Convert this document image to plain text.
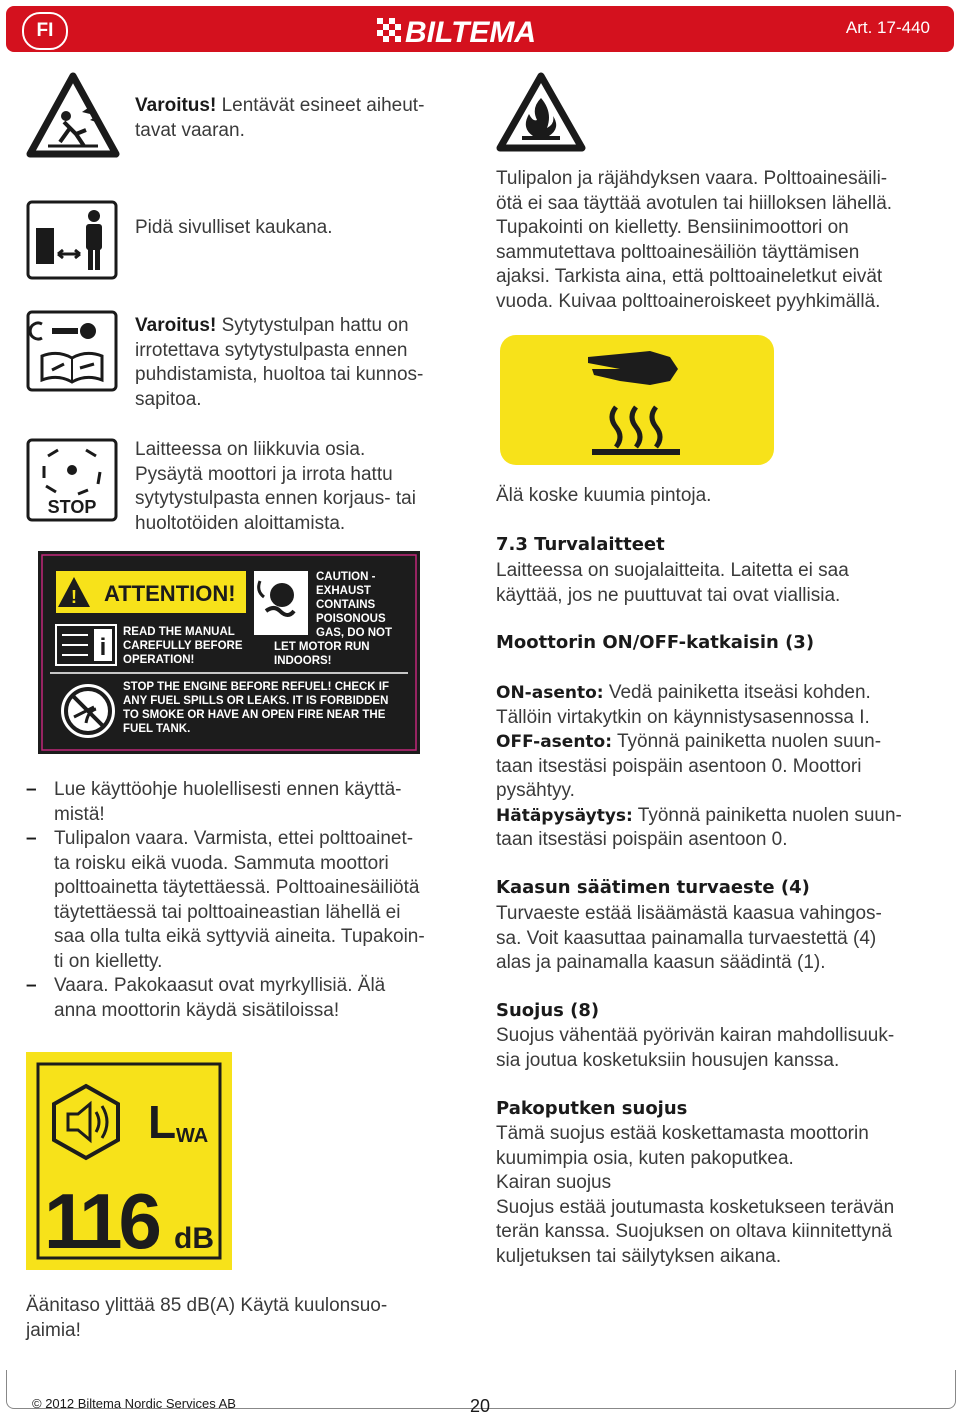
FI	BILTEMA	Art. 17-440
Varoitus! Lentävät esineet aiheut-
tavat vaaran.
Pidä sivulliset kaukana.
Varoitus! Sytytystulpan hattu on
irrotettava sytytystulpasta ennen
puhdistamista, huoltoa tai kunnos-
sapitoa.
STOP
Laitteessa on liikkuvia osia.
Pysäytä moottori ja irrota hattu
sytytystulpasta ennen korjaus- tai
huoltotöiden aloittamista.
! ATTENTION!
i
READ THE MANUAL
CAREFULLY BEFORE
OPERATION!
CAUTION -
EXHAUST
CONTAINS
POISONOUS
GAS, DO NOT
LET MOTOR RUN
INDOORS!
STOP THE ENGINE BEFORE REFUEL! CHECK IF
ANY FUEL SPILLS OR LEAKS. IT IS FORBIDDEN
TO SMOKE OR HAVE AN OPEN FIRE NEAR THE
FUEL TANK.
– Lue käyttöohje huolellisesti ennen käyttä-
mistä!
– Tulipalon vaara. Varmista, ettei polttoainet-
ta roisku eikä vuoda. Sammuta moottori
polttoainetta täytettäessä. Polttoainesäiliötä
täytettäessä tai polttoaineastian lähellä ei
saa olla tulta eikä syttyviä aineita. Tupakoin-
ti on kielletty.
– Vaara. Pakokaasut ovat myrkyllisiä. Älä
anna moottorin käydä sisätiloissa!
L WA
116 dB
Äänitaso ylittää 85 dB(A) Käytä kuulonsuo-
jaimia!
Tulipalon ja räjähdyksen vaara. Polttoainesäili-
ötä ei saa täyttää avotulen tai hiilloksen lähellä.
Tupakointi on kielletty. Bensiinimoottori on
sammutettava polttoainesäiliön täyttämisen
ajaksi. Tarkista aina, että polttoaineletkut eivät
vuoda. Kuivaa polttoaineroiskeet pyyhkimällä.
Älä koske kuumia pintoja.
7.3 Turvalaitteet
Laitteessa on suojalaitteita. Laitetta ei saa
käyttää, jos ne puuttuvat tai ovat viallisia.
Moottorin ON/OFF-katkaisin (3)
ON-asento: Vedä painiketta itseäsi kohden.
Tällöin virtakytkin on käynnistysasennossa I.
OFF-asento: Työnnä painiketta nuolen suun-
taan itsestäsi poispäin asentoon 0. Moottori
pysähtyy.
Hätäpysäytys: Työnnä painiketta nuolen suun-
taan itsestäsi poispäin asentoon 0.
Kaasun säätimen turvaeste (4)
Turvaeste estää lisäämästä kaasua vahingos-
sa. Voit kaasuttaa painamalla turvaestettä (4)
alas ja painamalla kaasun säädintä (1).
Suojus (8)
Suojus vähentää pyörivän kairan mahdollisuuk-
sia joutua kosketuksiin housujen kanssa.
Pakoputken suojus
Tämä suojus estää koskettamasta moottorin
kuumimpia osia, kuten pakoputkea.
Kairan suojus
Suojus estää joutumasta kosketukseen terävän
terän kanssa. Suojuksen on oltava kiinnitettynä
kuljetuksen tai säilytyksen aikana.
© 2012 Biltema Nordic Services AB	20
